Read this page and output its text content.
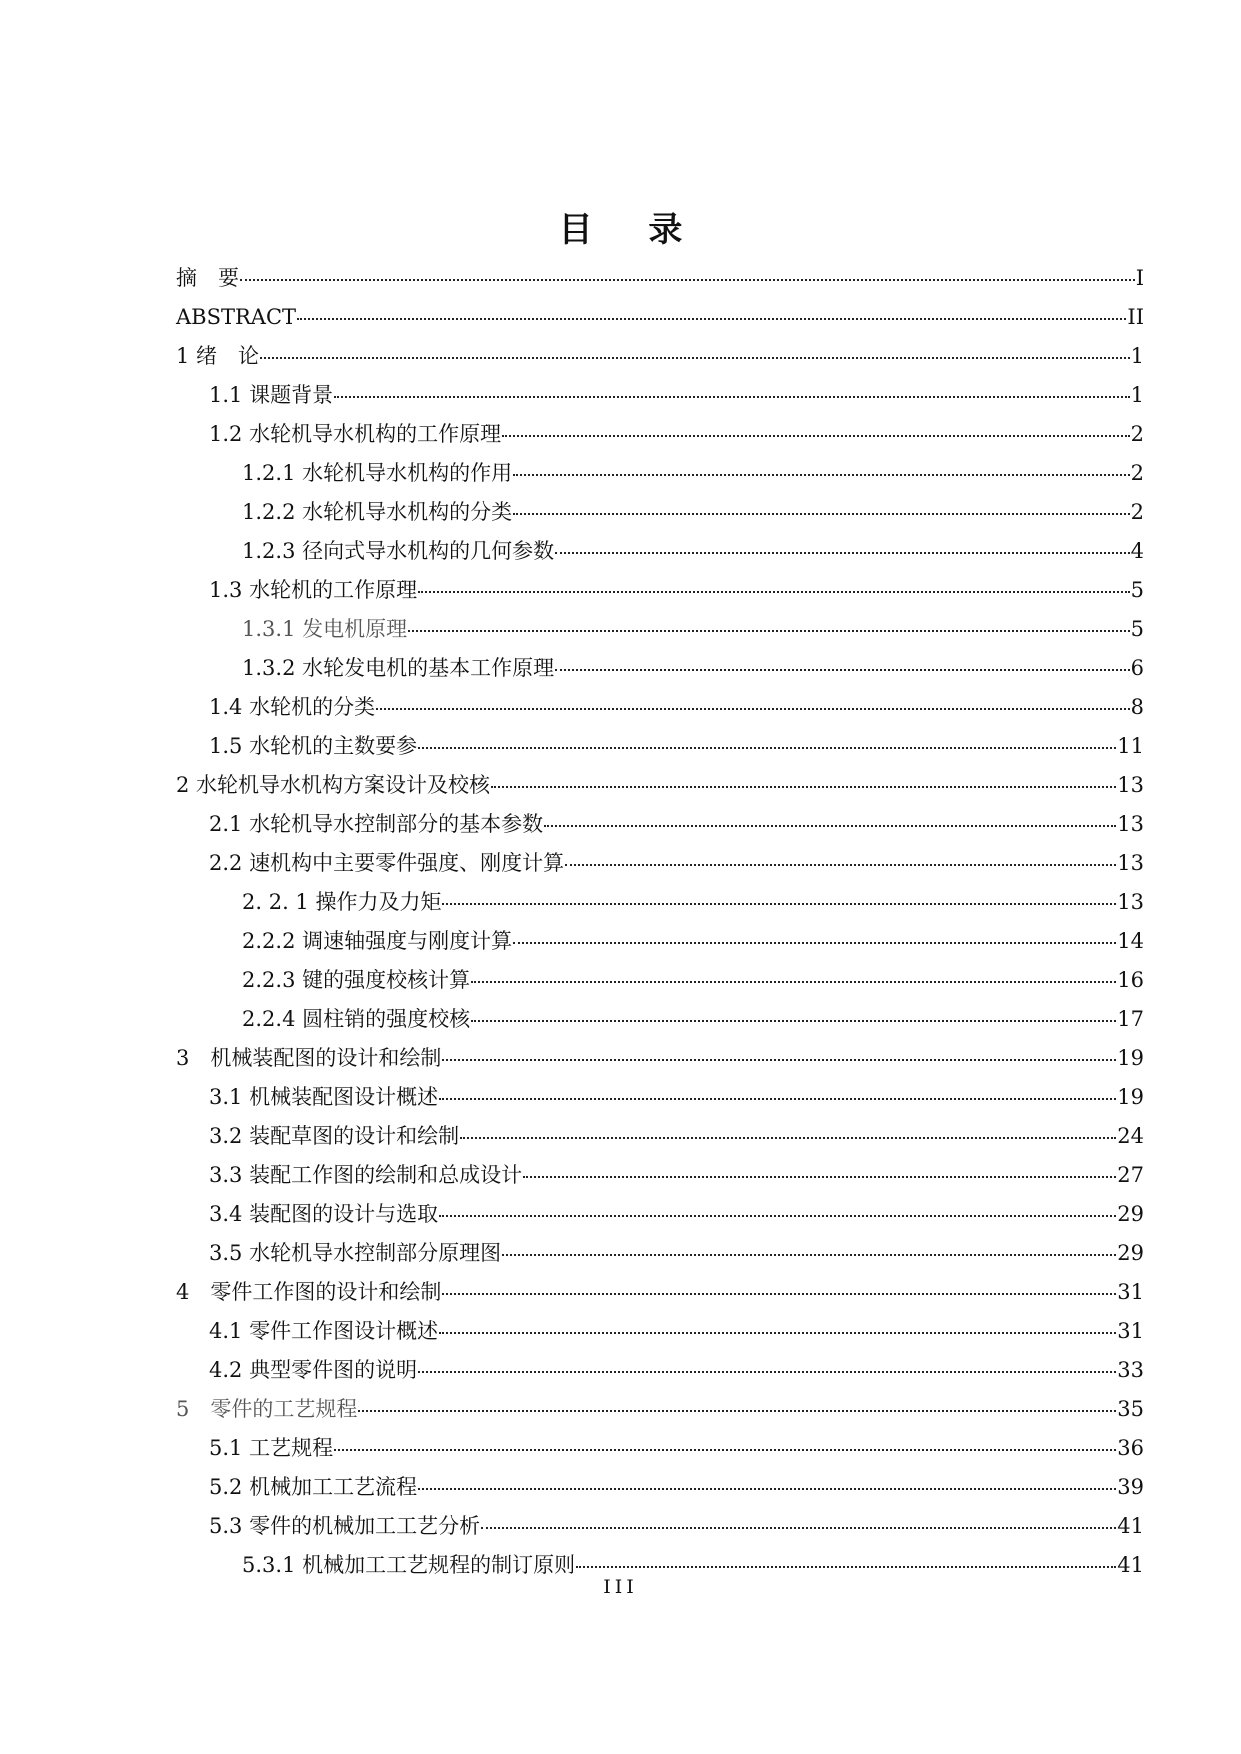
目 录
摘　要	I
ABSTRACT	II
1 绪　论	1
1.1 课题背景	1
1.2 水轮机导水机构的工作原理	2
1.2.1 水轮机导水机构的作用	2
1.2.2 水轮机导水机构的分类	2
1.2.3 径向式导水机构的几何参数	4
1.3 水轮机的工作原理	5
1.3.1 发电机原理	5
1.3.2 水轮发电机的基本工作原理	6
1.4 水轮机的分类	8
1.5 水轮机的主数要参	11
2 水轮机导水机构方案设计及校核	13
2.1 水轮机导水控制部分的基本参数	13
2.2 速机构中主要零件强度、刚度计算	13
2. 2. 1 操作力及力矩	13
2.2.2 调速轴强度与刚度计算	14
2.2.3 键的强度校核计算	16
2.2.4 圆柱销的强度校核	17
3　机械装配图的设计和绘制	19
3.1 机械装配图设计概述	19
3.2 装配草图的设计和绘制	24
3.3 装配工作图的绘制和总成设计	27
3.4 装配图的设计与选取	29
3.5 水轮机导水控制部分原理图	29
4　零件工作图的设计和绘制	31
4.1 零件工作图设计概述	31
4.2 典型零件图的说明	33
5　零件的工艺规程	35
5.1 工艺规程	36
5.2 机械加工工艺流程	39
5.3 零件的机械加工工艺分析	41
5.3.1 机械加工工艺规程的制订原则	41
III
